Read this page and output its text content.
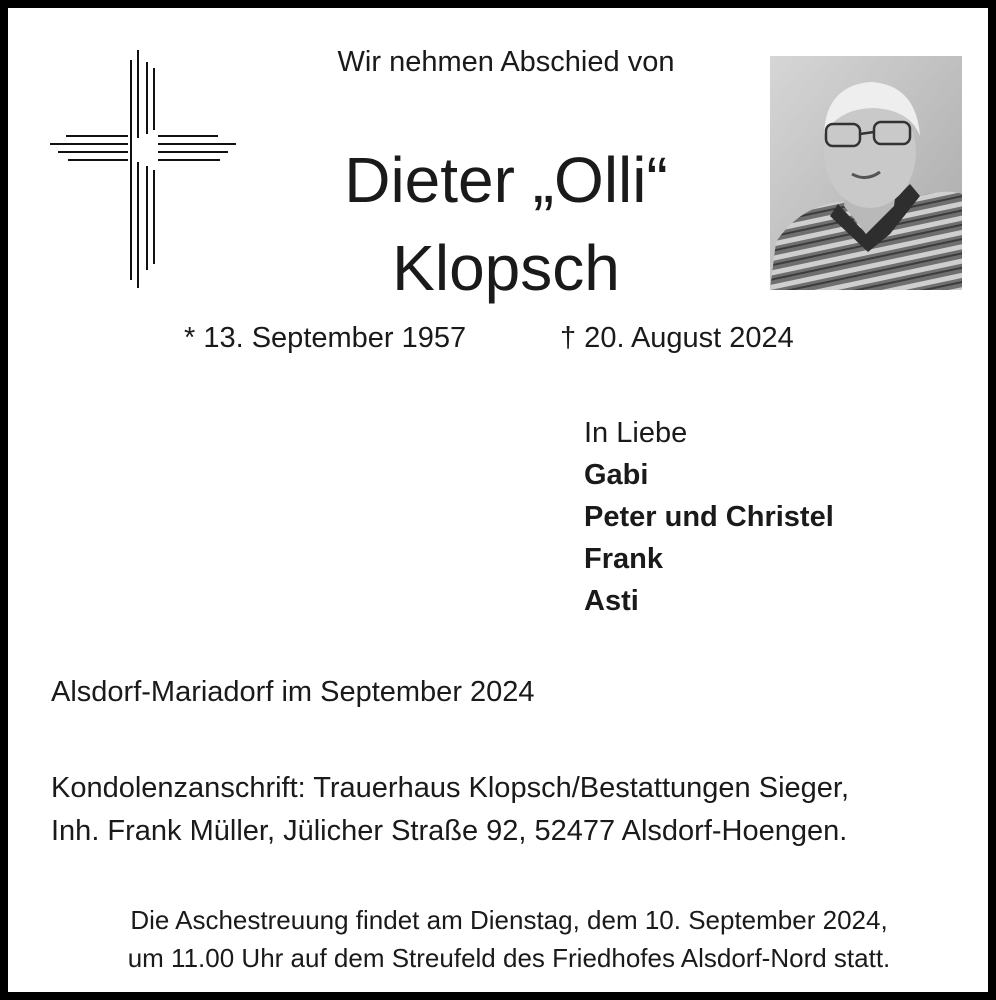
Wir nehmen Abschied von
Dieter „Olli“
Klopsch
* 13. September 1957	† 20. August 2024
In Liebe
Gabi
Peter und Christel
Frank
Asti
Alsdorf-Mariadorf im September 2024
Kondolenzanschrift: Trauerhaus Klopsch/Bestattungen Sieger,
Inh. Frank Müller, Jülicher Straße 92, 52477 Alsdorf-Hoengen.
Die Aschestreuung findet am Dienstag, dem 10. September 2024,
um 11.00 Uhr auf dem Streufeld des Friedhofes Alsdorf-Nord statt.
